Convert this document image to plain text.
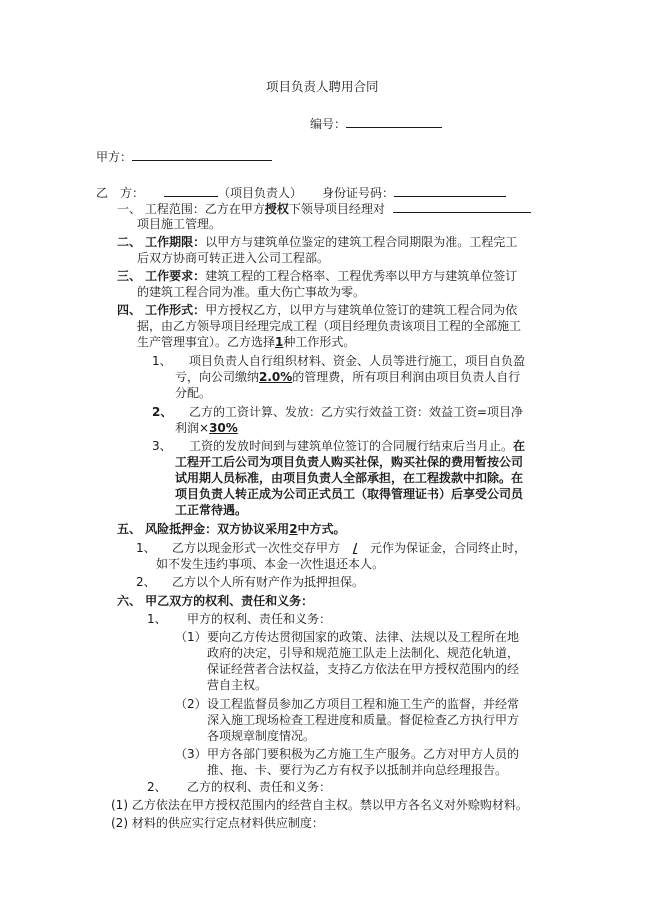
项目负责人聘用合同
编号：
甲方：
乙　方：	（项目负责人） 身份证号码：
一、 工程范围：乙方在甲方授权下领导项目经理对
项目施工管理。
二、 工作期限：以甲方与建筑单位鉴定的建筑工程合同期限为准。工程完工
后双方协商可转正进入公司工程部。
三、 工作要求：建筑工程的工程合格率、工程优秀率以甲方与建筑单位签订
的建筑工程合同为准。重大伤亡事故为零。
四、 工作形式：甲方授权乙方，以甲方与建筑单位签订的建筑工程合同为依
据，由乙方领导项目经理完成工程（项目经理负责该项目工程的全部施工
生产管理事宜）。乙方选择1种工作形式。
1、 项目负责人自行组织材料、资金、人员等进行施工，项目自负盈
亏，向公司缴纳2.0%的管理费，所有项目利润由项目负责人自行
分配。
2、 乙方的工资计算、发放：乙方实行效益工资：效益工资=项目净
利润×30%
3、 工资的发放时间到与建筑单位签订的合同履行结束后当月止。在
工程开工后公司为项目负责人购买社保，购买社保的费用暂按公司
试用期人员标准，由项目负责人全部承担，在工程拨款中扣除。在
项目负责人转正成为公司正式员工（取得管理证书）后享受公司员
工正常待遇。
五、 风险抵押金：双方协议采用2中方式。
1、 乙方以现金形式一次性交存甲方 / 元作为保证金，合同终止时，
如不发生违约事项、本金一次性退还本人。
2、 乙方以个人所有财产作为抵押担保。
六、 甲乙双方的权利、责任和义务：
1、 甲方的权利、责任和义务：
（1） 要向乙方传达贯彻国家的政策、法律、法规以及工程所在地
政府的决定，引导和规范施工队走上法制化、规范化轨道，
保证经营者合法权益，支持乙方依法在甲方授权范围内的经
营自主权。
（2） 设工程监督员参加乙方项目工程和施工生产的监督，并经常
深入施工现场检查工程进度和质量。督促检查乙方执行甲方
各项规章制度情况。
（3） 甲方各部门要积极为乙方施工生产服务。乙方对甲方人员的
推、拖、卡、要行为乙方有权予以抵制并向总经理报告。
2、 乙方的权利、责任和义务：
(1) 乙方依法在甲方授权范围内的经营自主权。禁以甲方各名义对外赊购材料。
(2) 材料的供应实行定点材料供应制度：
